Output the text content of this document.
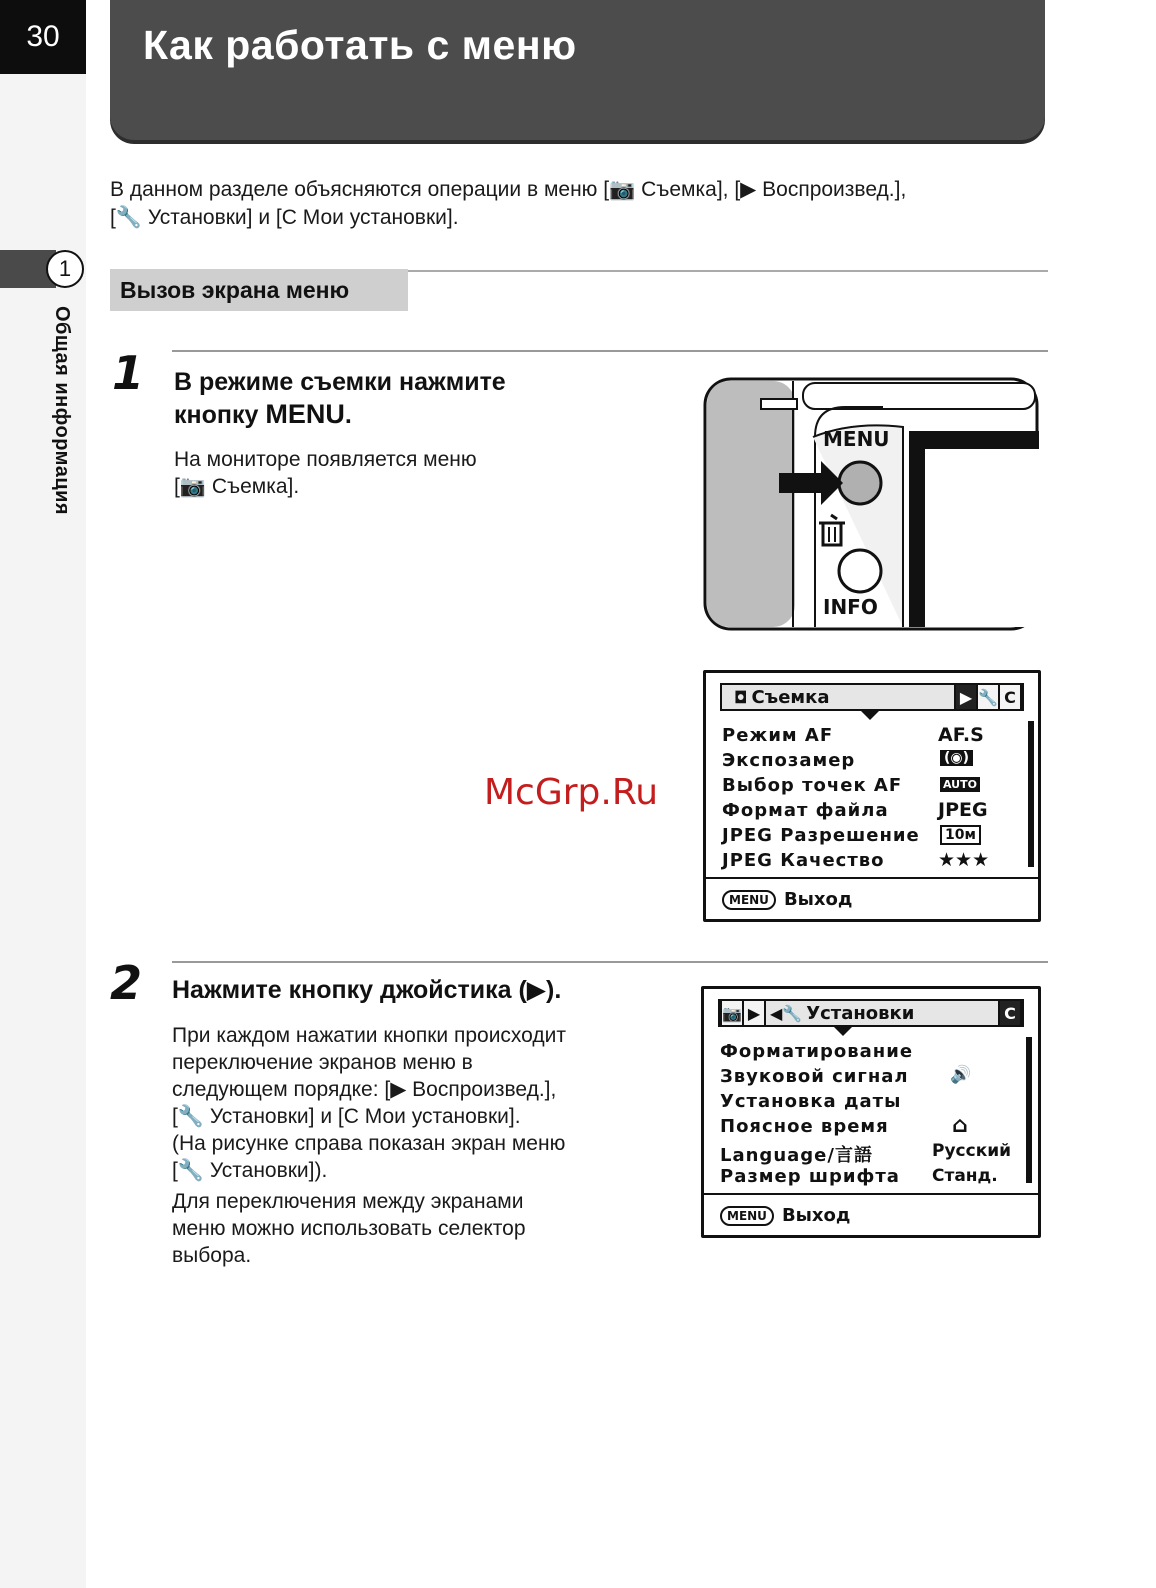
30	Как работать с меню
В данном разделе объясняются операции в меню [📷 Съемка], [▶ Воспроизвед.],
[🔧 Установки] и [C Мои установки].
1
Общая информация
Вызов экрана меню
1 В режиме съемки нажмите
кнопку MENU.
На мониторе появляется меню
[📷 Съемка].
MENU
INFO
◘ Съемка	▶ 🔧 C
Режим AF	AF.S
Экспозамер	(◉)
Выбор точек AF	AUTO
Формат файла	JPEG
JPEG Разрешение	10м
JPEG Качество	★★★
MENU Выход
McGrp.Ru
2 Нажмите кнопку джойстика (▶).
При каждом нажатии кнопки происходит
переключение экранов меню в
следующем порядке: [▶ Воспроизвед.],
[🔧 Установки] и [C Мои установки].
(На рисунке справа показан экран меню
[🔧 Установки]).
Для переключения между экранами
меню можно использовать селектор
выбора.
📷 ▶ ◀🔧 Установки	C
Форматирование
Звуковой сигнал 🔊
Установка даты
Поясное время	⌂
Language/言語	Русский
Размер шрифта Станд.
MENU Выход
